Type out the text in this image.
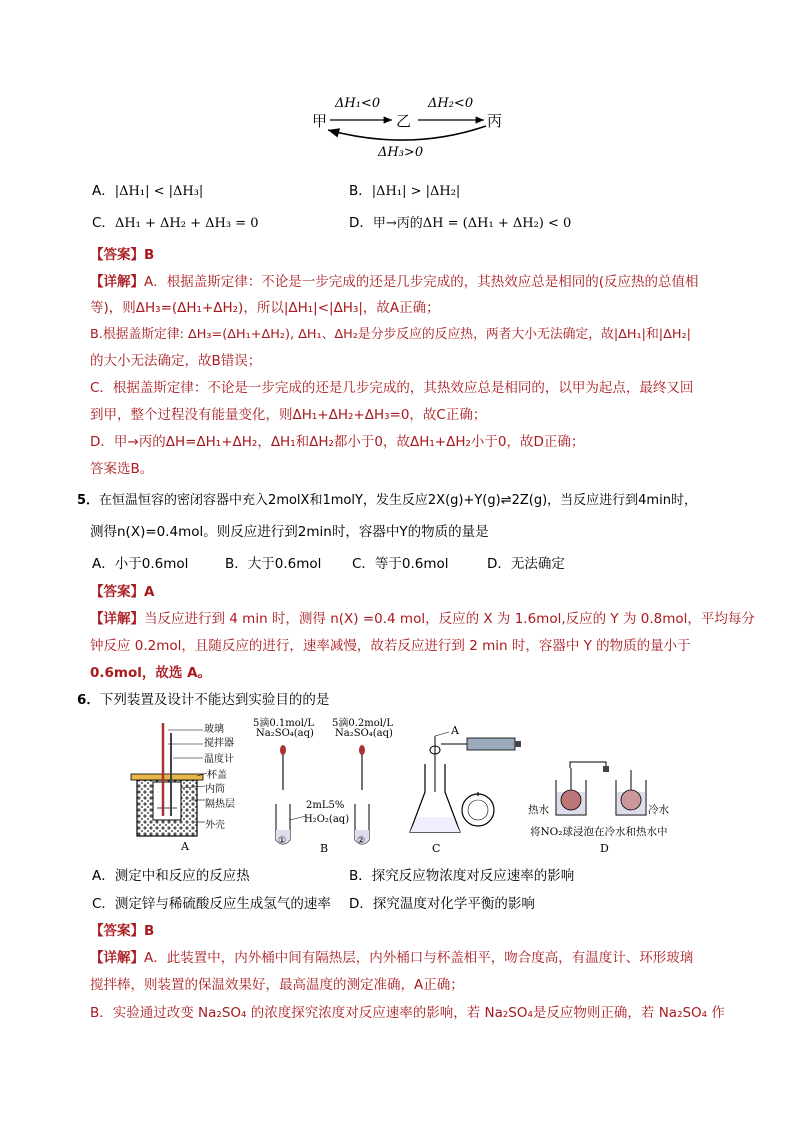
甲	乙	丙
ΔH₁<0	ΔH₂<0
ΔH₃>0
A．|ΔH₁| < |ΔH₃|	B．|ΔH₁| > |ΔH₂|
C．ΔH₁ + ΔH₂ + ΔH₃ = 0	D．甲→丙的ΔH = (ΔH₁ + ΔH₂) < 0
【答案】B
【详解】A．根据盖斯定律：不论是一步完成的还是几步完成的，其热效应总是相同的(反应热的总值相
等)，则ΔH₃=(ΔH₁+ΔH₂)，所以|ΔH₁|<|ΔH₃|，故A正确；
B.根据盖斯定律: ΔH₃=(ΔH₁+ΔH₂), ΔH₁、ΔH₂是分步反应的反应热，两者大小无法确定，故|ΔH₁|和|ΔH₂|
的大小无法确定，故B错误；
C．根据盖斯定律：不论是一步完成的还是几步完成的，其热效应总是相同的，以甲为起点，最终又回
到甲，整个过程没有能量变化，则ΔH₁+ΔH₂+ΔH₃=0，故C正确；
D．甲→丙的ΔH=ΔH₁+ΔH₂，ΔH₁和ΔH₂都小于0，故ΔH₁+ΔH₂小于0，故D正确；
答案选B。
5．在恒温恒容的密闭容器中充入2molX和1molY，发生反应2X(g)+Y(g)⇌2Z(g)，当反应进行到4min时，
测得n(X)=0.4mol。则反应进行到2min时，容器中Y的物质的量是
A．小于0.6mol	B．大于0.6mol C．等于0.6mol	D．无法确定
【答案】A
【详解】当反应进行到 4 min 时，测得 n(X) =0.4 mol，反应的 X 为 1.6mol,反应的 Y 为 0.8mol，平均每分
钟反应 0.2mol，且随反应的进行，速率减慢，故若反应进行到 2 min 时，容器中 Y 的物质的量小于
0.6mol，故选 A。
6．下列装置及设计不能达到实验目的的是
玻璃
搅拌器
温度计
杯盖
内筒
隔热层
外壳
A
5滴0.1mol/L
Na₂SO₄(aq)
5滴0.2mol/L
Na₂SO₄(aq)
2mL5%
H₂O₂(aq)
①	②
B
A
C
热水	冷水
将NO₂球浸泡在冷水和热水中
D
A．测定中和反应的反应热	B．探究反应物浓度对反应速率的影响
C．测定锌与稀硫酸反应生成氢气的速率 D．探究温度对化学平衡的影响
【答案】B
【详解】A．此装置中，内外桶中间有隔热层，内外桶口与杯盖相平，吻合度高，有温度计、环形玻璃
搅拌棒，则装置的保温效果好，最高温度的测定准确，A正确；
B．实验通过改变 Na₂SO₄ 的浓度探究浓度对反应速率的影响，若 Na₂SO₄是反应物则正确，若 Na₂SO₄ 作
